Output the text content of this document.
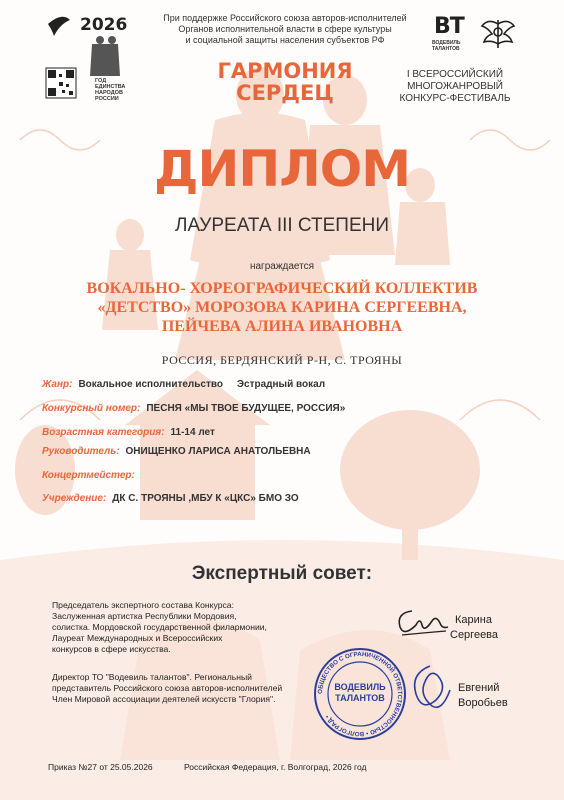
2026
ГОД
ЕДИНСТВА
НАРОДОВ
РОССИИ
При поддержке Российского союза авторов-исполнителей
Органов исполнительной власти в сфере культуры
и социальной защиты населения субъектов РФ
ВТ
ВОДЕВИЛЬ
ТАЛАНТОВ
ГАРМОНИЯ
СЕРДЕЦ
I ВСЕРОССИЙСКИЙ
МНОГОЖАНРОВЫЙ
КОНКУРС-ФЕСТИВАЛЬ
ДИПЛОМ
ЛАУРЕАТА III СТЕПЕНИ
награждается
ВОКАЛЬНО- ХОРЕОГРАФИЧЕСКИЙ КОЛЛЕКТИВ
«ДЕТСТВО» МОРОЗОВА КАРИНА СЕРГЕЕВНА,
ПЕЙЧЕВА АЛИНА ИВАНОВНА
РОССИЯ, БЕРДЯНСКИЙ Р-Н, С. ТРОЯНЫ
Жанр: Вокальное исполнительство     Эстрадный вокал
Конкурсный номер: ПЕСНЯ «МЫ ТВОЕ БУДУЩЕЕ, РОССИЯ»
Возрастная категория: 11-14 лет
Руководитель: ОНИЩЕНКО ЛАРИСА АНАТОЛЬЕВНА
Концертмейстер:
Учреждение: ДК С. ТРОЯНЫ ,МБУ К «ЦКС» БМО ЗО
Экспертный совет:
Председатель экспертного состава Конкурса:
Заслуженная артистка Республики Мордовия,
солистка. Мордовской государственной филармонии,
Лауреат Международных и Всероссийских
конкурсов в сфере искусства.
Карина
Сергеева
Директор ТО "Водевиль талантов". Региональный
представитель Российского союза авторов-исполнителей
Член Мировой ассоциации деятелей искусств "Глория".
ОБЩЕСТВО С ОГРАНИЧЕННОЙ ОТВЕТСТВЕННОСТЬЮ • ВОЛГОГРАД •
ВОДЕВИЛЬ
ТАЛАНТОВ
Евгений
Воробьев
Приказ №27 от 25.05.2026	Российская Федерация, г. Волгоград, 2026 год
